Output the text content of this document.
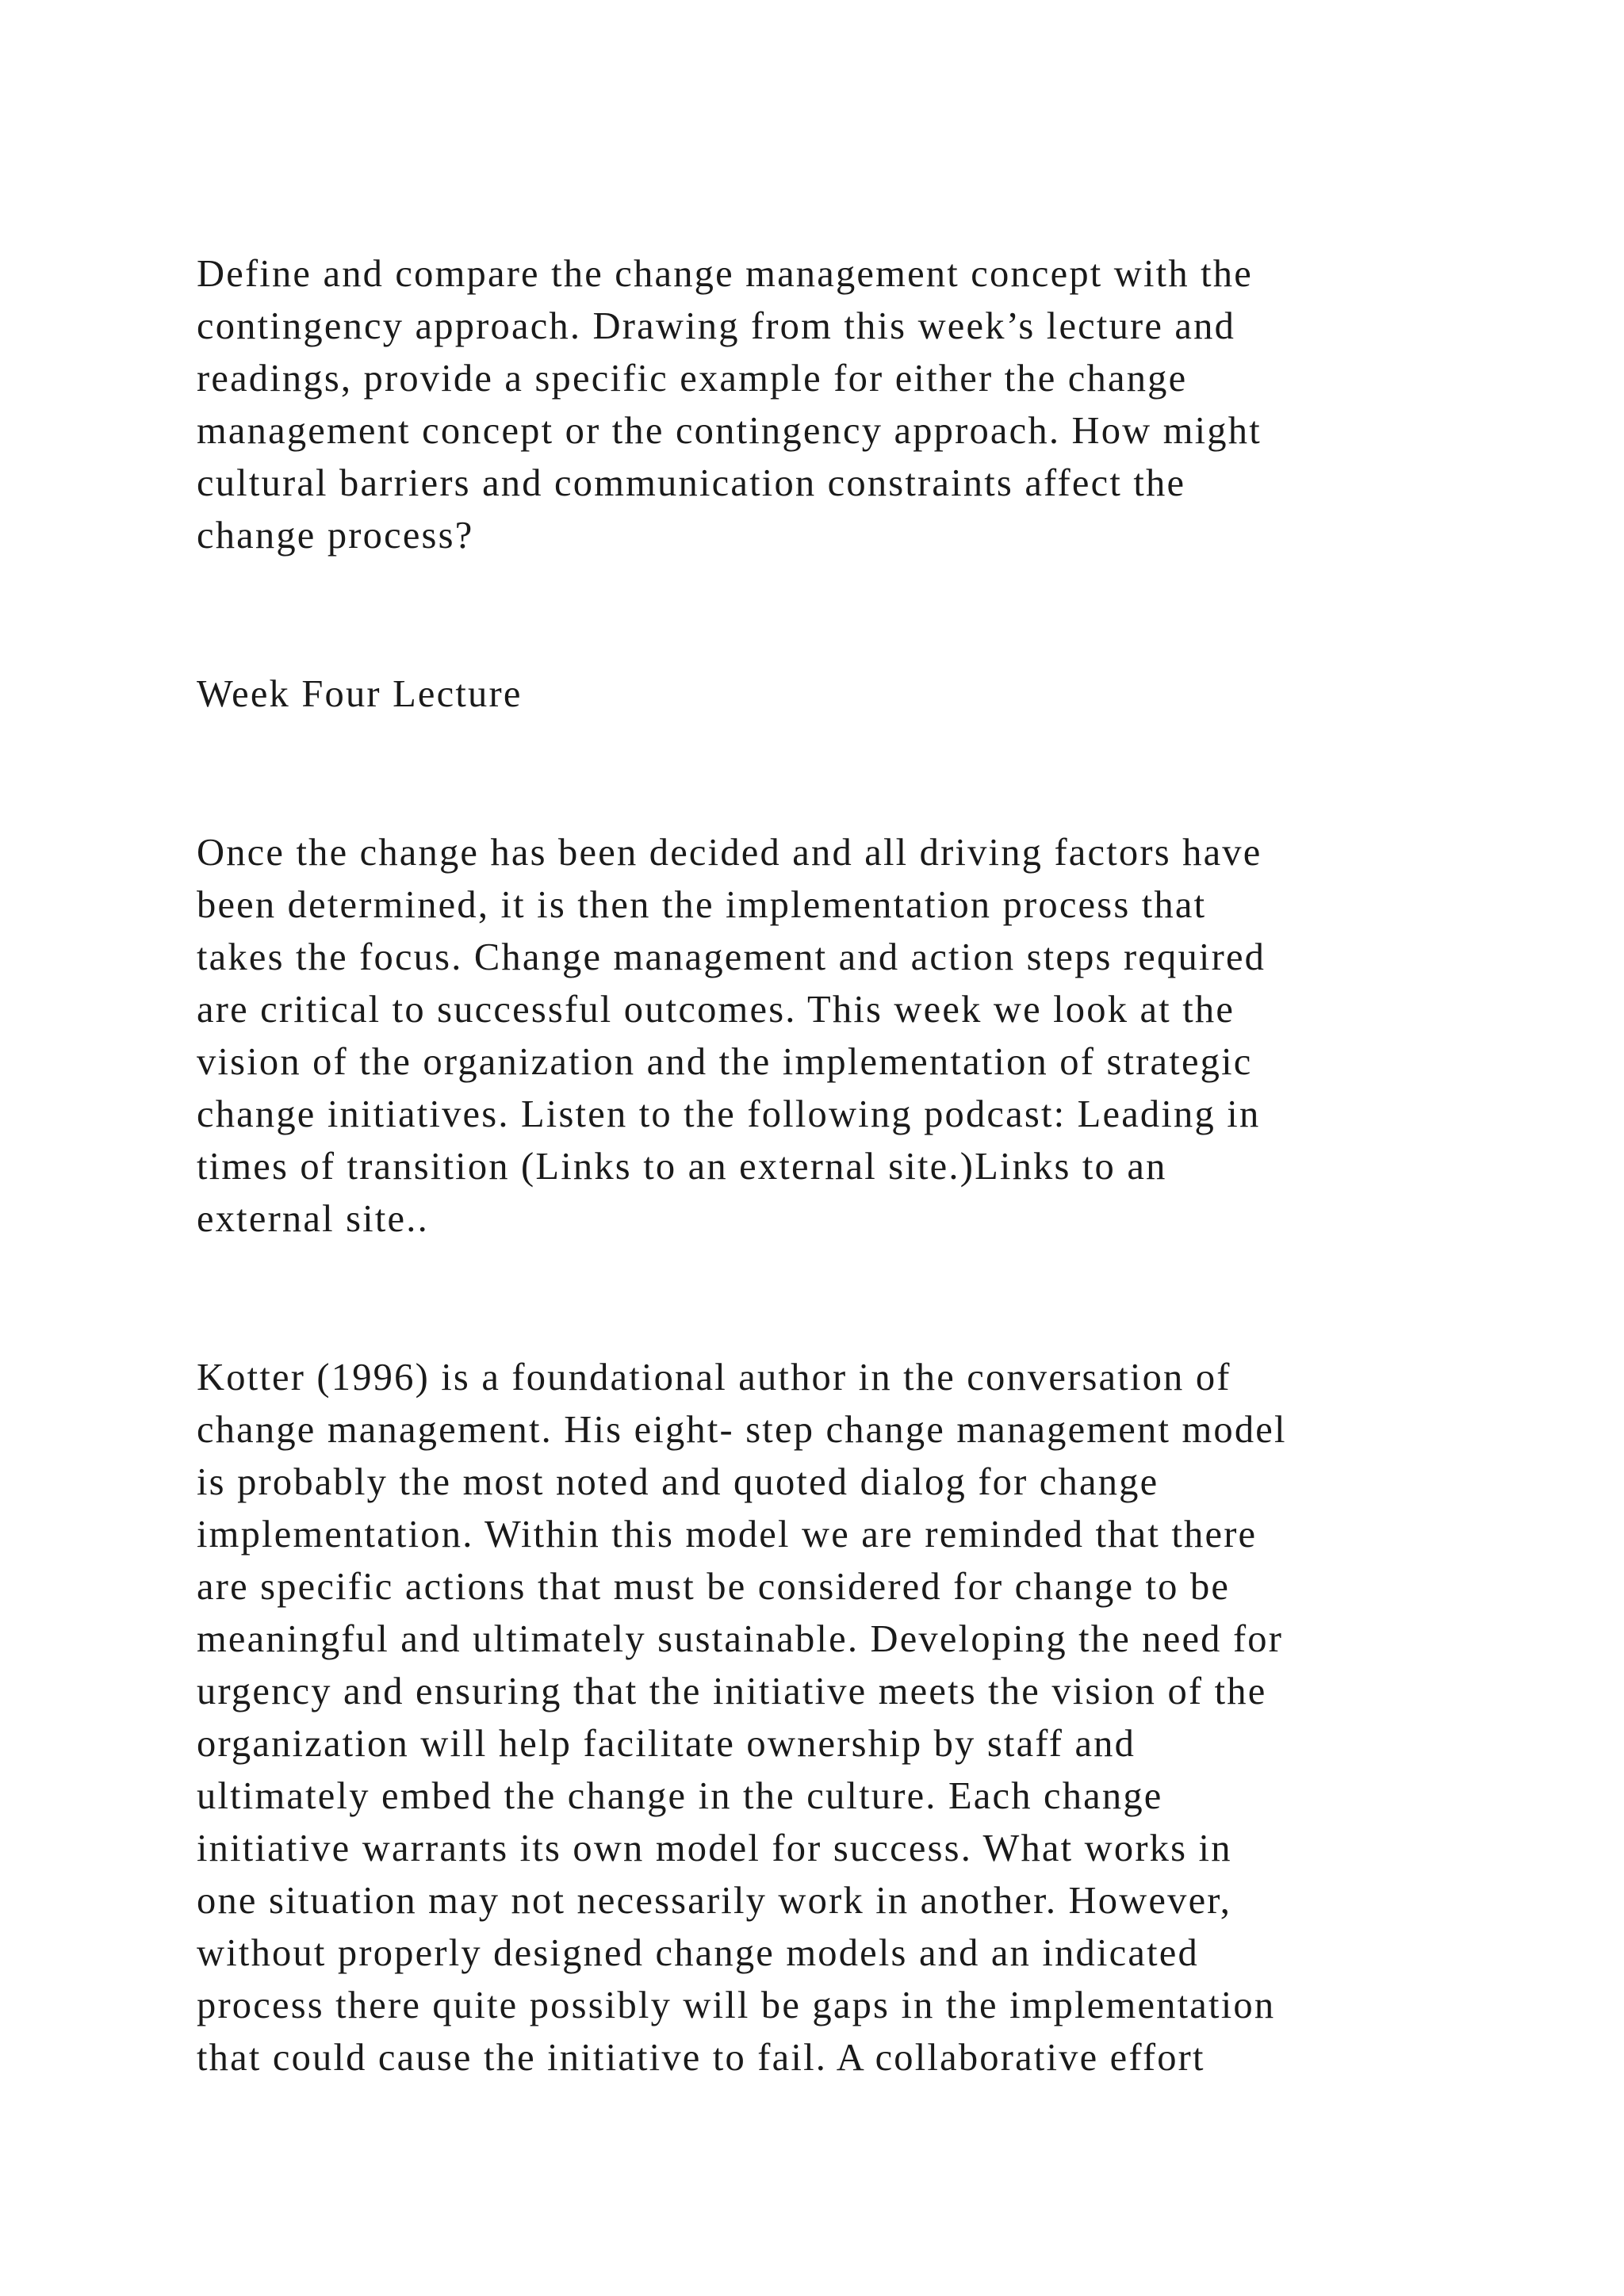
Define and compare the change management concept with the

contingency approach. Drawing from this week’s lecture and

readings, provide a specific example for either the change

management concept or the contingency approach. How might

cultural barriers and communication constraints affect the

change process?

Week Four Lecture

Once the change has been decided and all driving factors have

been determined, it is then the implementation process that

takes the focus. Change management and action steps required

are critical to successful outcomes. This week we look at the

vision of the organization and the implementation of strategic

change initiatives. Listen to the following podcast: Leading in

times of transition (Links to an external site.)Links to an

external site..

Kotter (1996) is a foundational author in the conversation of

change management. His eight- step change management model

is probably the most noted and quoted dialog for change

implementation. Within this model we are reminded that there

are specific actions that must be considered for change to be

meaningful and ultimately sustainable. Developing the need for

urgency and ensuring that the initiative meets the vision of the

organization will help facilitate ownership by staff and

ultimately embed the change in the culture. Each change

initiative warrants its own model for success. What works in

one situation may not necessarily work in another. However,

without properly designed change models and an indicated

process there quite possibly will be gaps in the implementation

that could cause the initiative to fail. A collaborative effort
